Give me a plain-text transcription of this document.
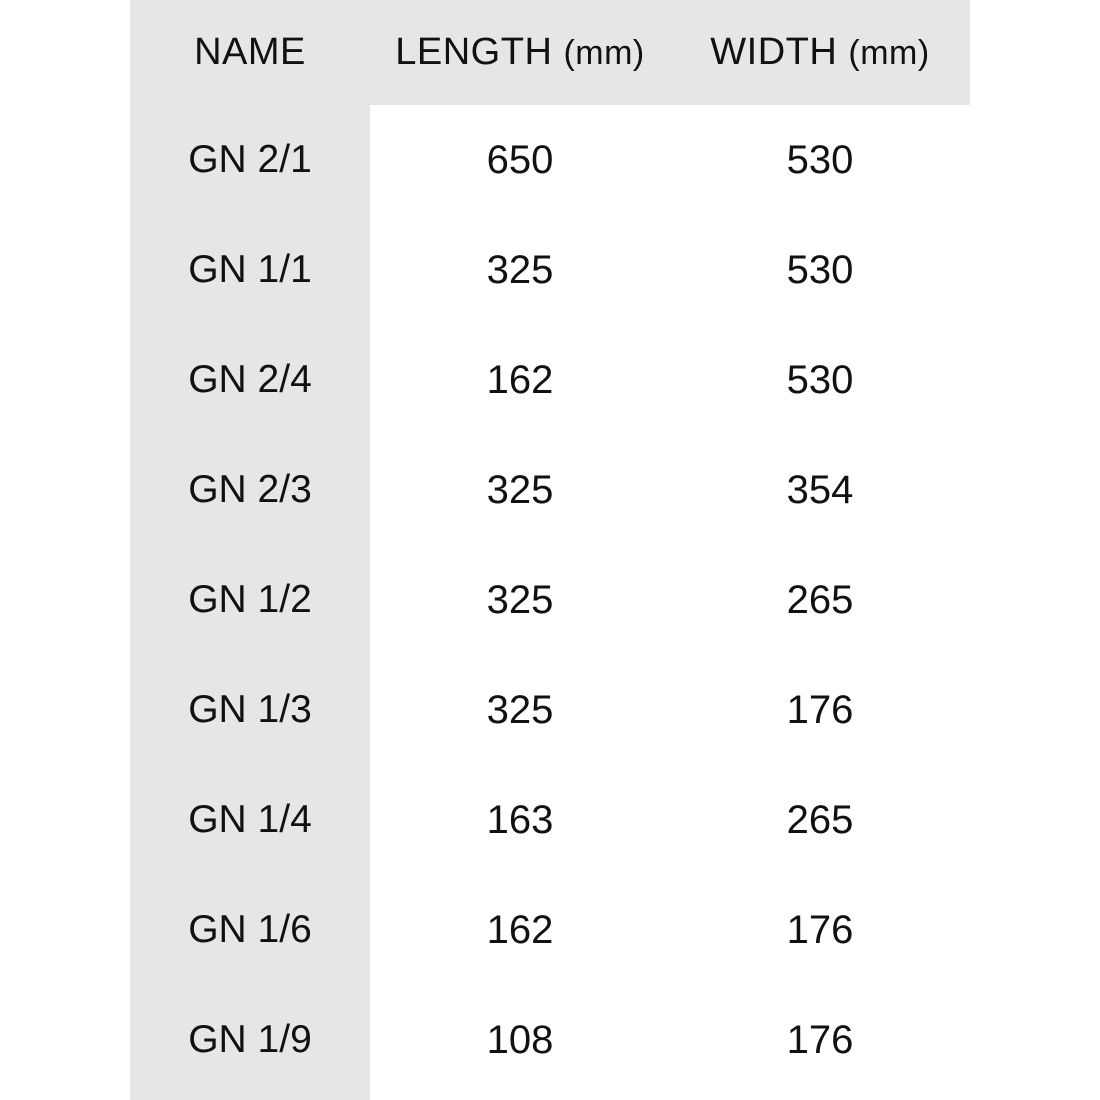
	NAME	LENGTH (mm)	WIDTH (mm)	
	GN 2/1	650	530	
	GN 1/1	325	530	
	GN 2/4	162	530	
	GN 2/3	325	354	
	GN 1/2	325	265	
	GN 1/3	325	176	
	GN 1/4	163	265	
	GN 1/6	162	176	
	GN 1/9	108	176	
